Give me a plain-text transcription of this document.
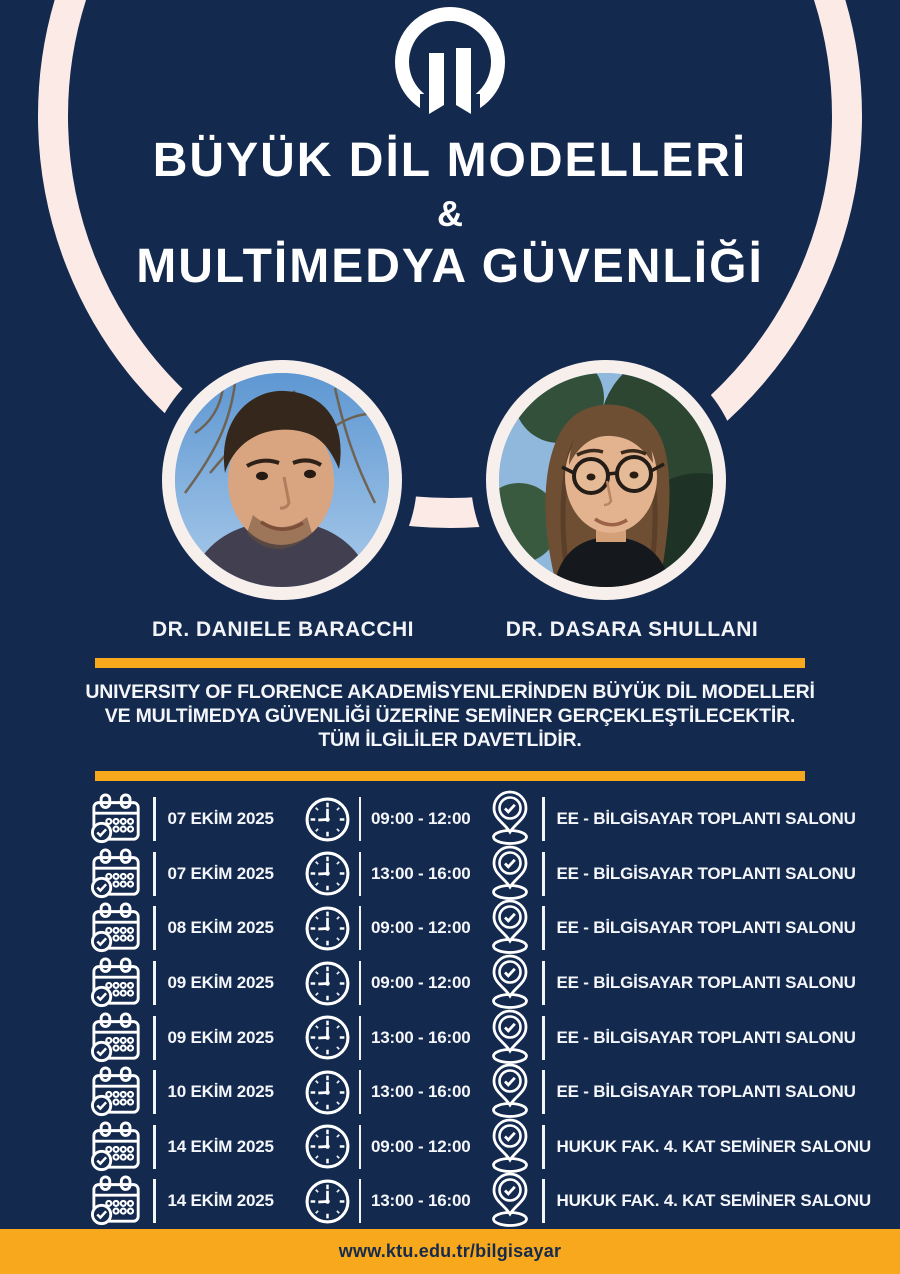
BÜYÜK DİL MODELLERİ
&
MULTİMEDYA GÜVENLİĞİ
DR. DANIELE BARACCHI	DR. DASARA SHULLANI
UNIVERSITY OF FLORENCE AKADEMİSYENLERİNDEN BÜYÜK DİL MODELLERİ
VE MULTİMEDYA GÜVENLİĞİ ÜZERİNE SEMİNER GERÇEKLEŞTİLECEKTİR.
TÜM İLGİLİLER DAVETLİDİR.
07 EKİM 2025	09:00 - 12:00	EE - BİLGİSAYAR TOPLANTI SALONU
07 EKİM 2025	13:00 - 16:00	EE - BİLGİSAYAR TOPLANTI SALONU
08 EKİM 2025	09:00 - 12:00	EE - BİLGİSAYAR TOPLANTI SALONU
09 EKİM 2025	09:00 - 12:00	EE - BİLGİSAYAR TOPLANTI SALONU
09 EKİM 2025	13:00 - 16:00	EE - BİLGİSAYAR TOPLANTI SALONU
10 EKİM 2025	13:00 - 16:00	EE - BİLGİSAYAR TOPLANTI SALONU
14 EKİM 2025	09:00 - 12:00	HUKUK FAK. 4. KAT SEMİNER SALONU
14 EKİM 2025	13:00 - 16:00	HUKUK FAK. 4. KAT SEMİNER SALONU
www.ktu.edu.tr/bilgisayar
